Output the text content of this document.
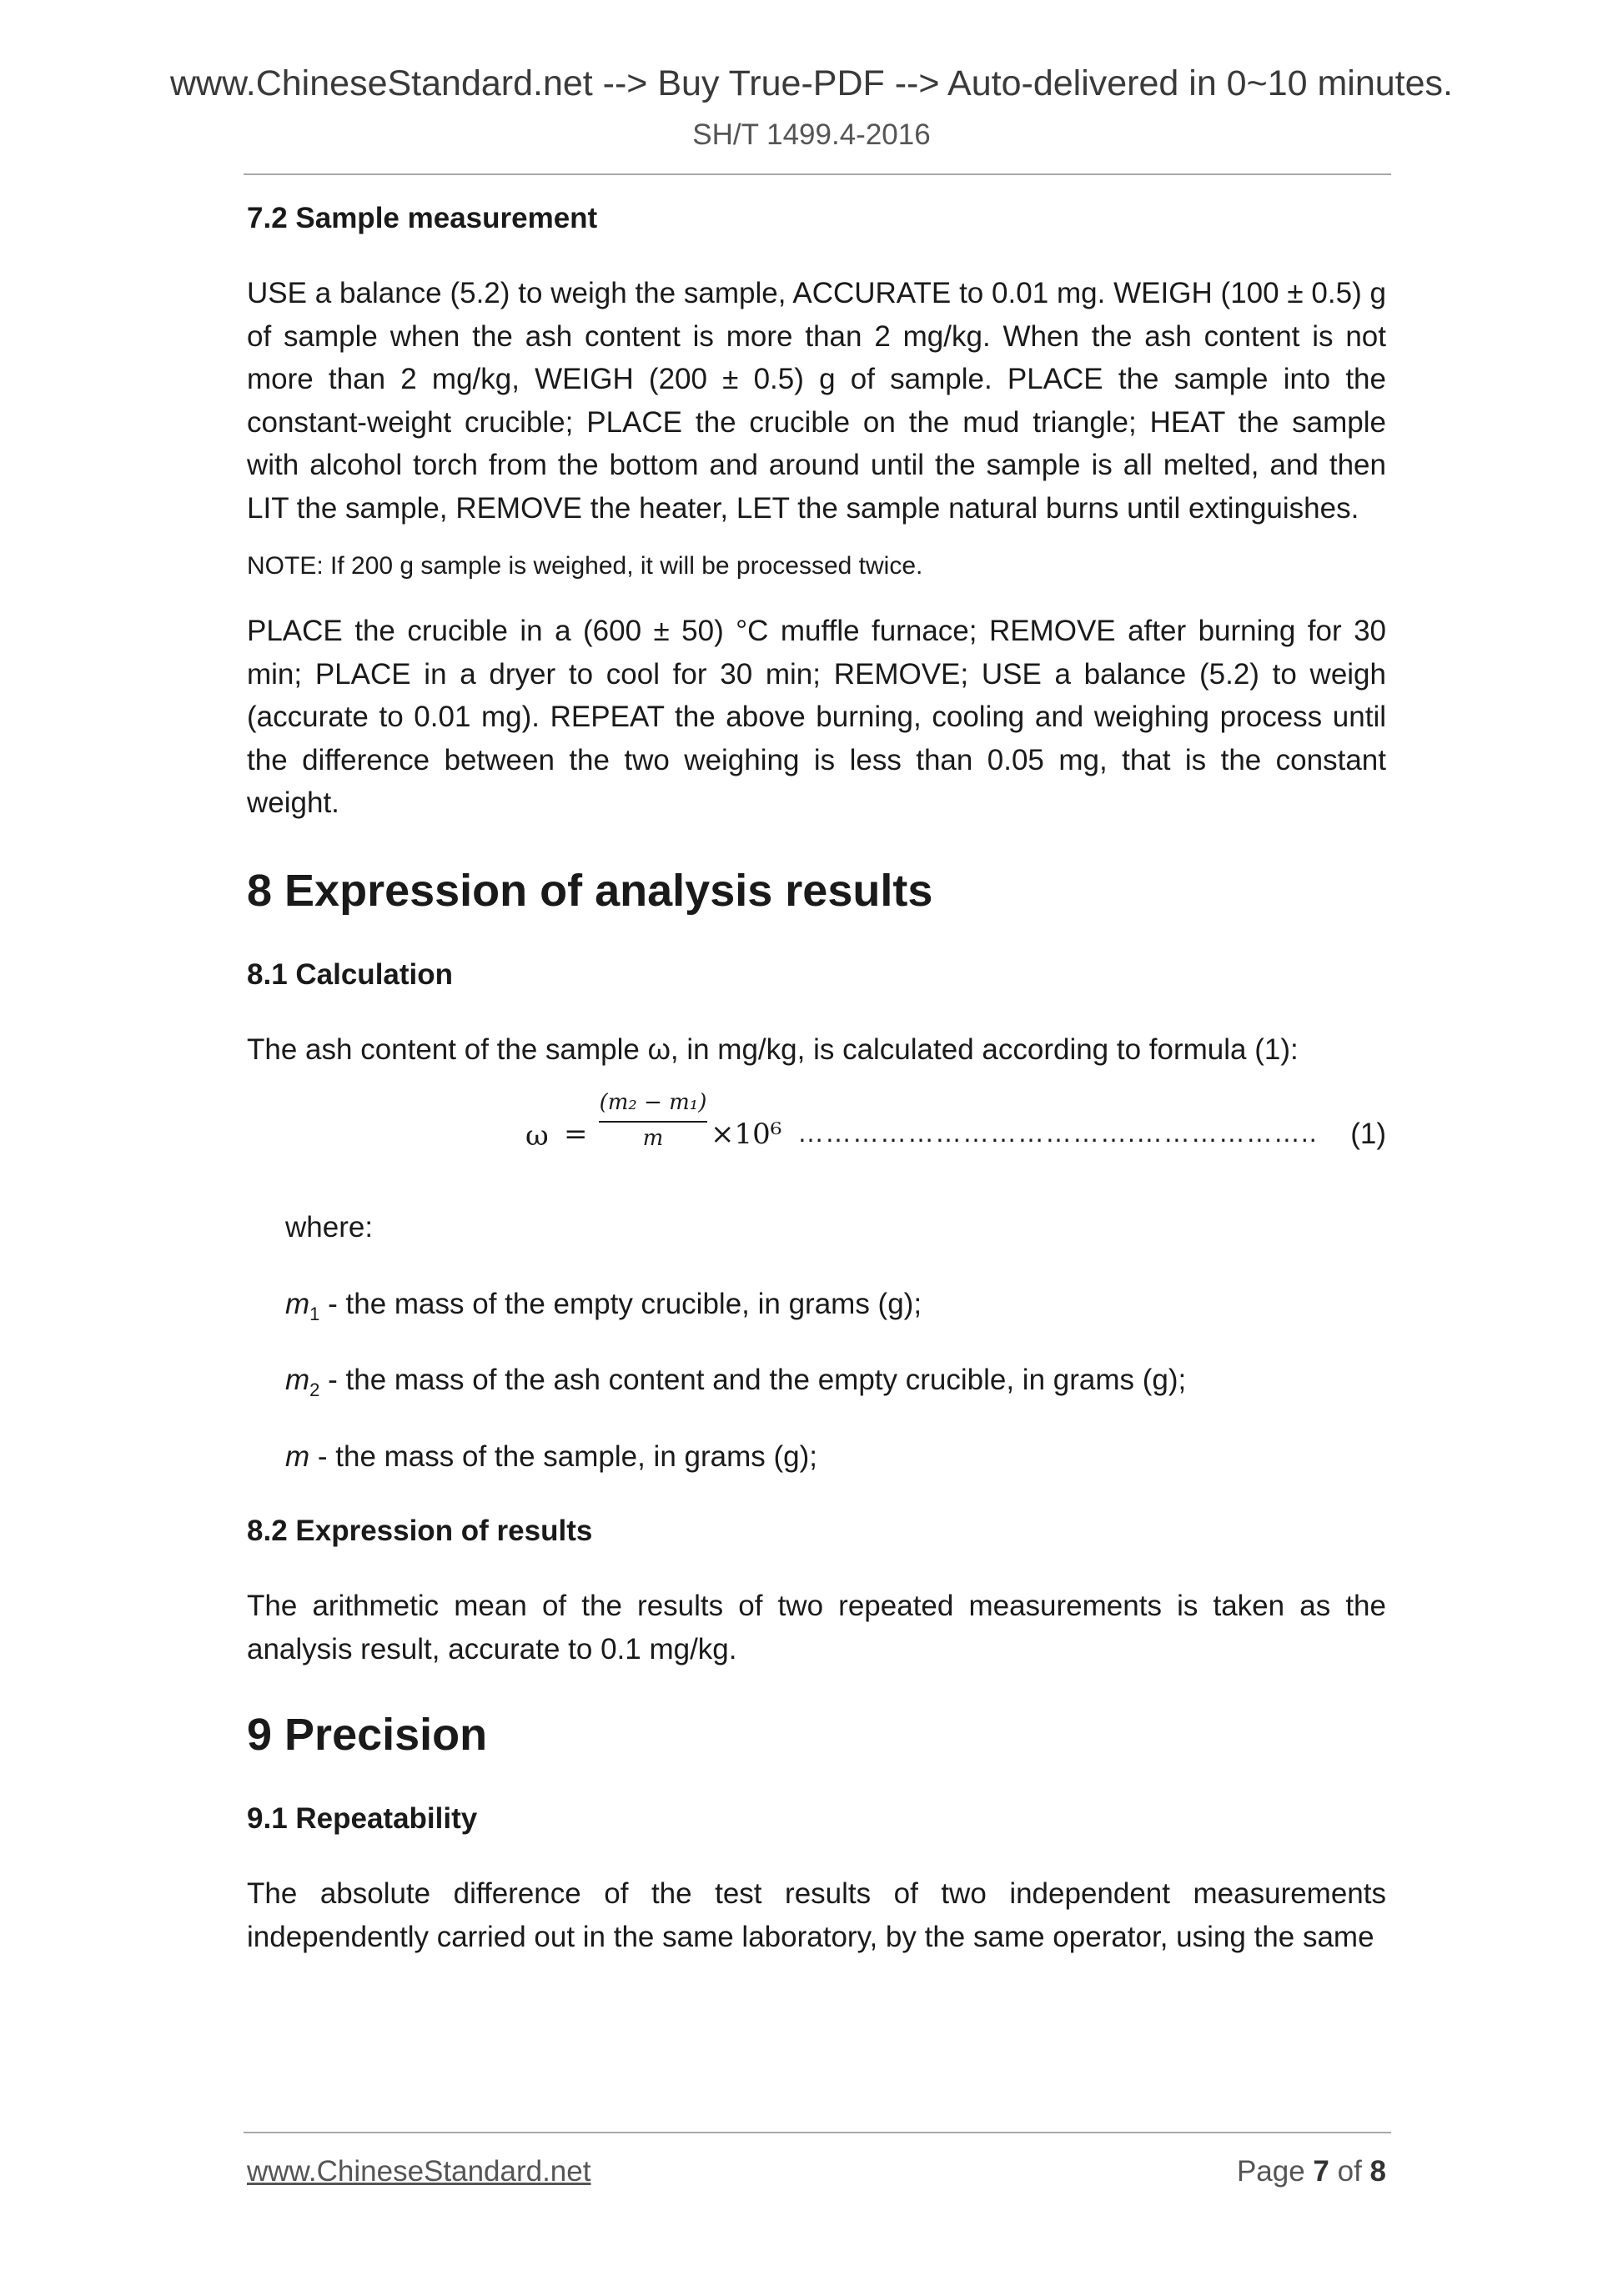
www.ChineseStandard.net --> Buy True-PDF --> Auto-delivered in 0~10 minutes.
SH/T 1499.4-2016
7.2 Sample measurement

USE a balance (5.2) to weigh the sample, ACCURATE to 0.01 mg. WEIGH (100 ± 0.5) g of sample when the ash content is more than 2 mg/kg. When the ash content is not more than 2 mg/kg, WEIGH (200 ± 0.5) g of sample. PLACE the sample into the constant-weight crucible; PLACE the crucible on the mud triangle; HEAT the sample with alcohol torch from the bottom and around until the sample is all melted, and then LIT the sample, REMOVE the heater, LET the sample natural burns until extinguishes.

NOTE: If 200 g sample is weighed, it will be processed twice.

PLACE the crucible in a (600 ± 50) °C muffle furnace; REMOVE after burning for 30 min; PLACE in a dryer to cool for 30 min; REMOVE; USE a balance (5.2) to weigh (accurate to 0.01 mg). REPEAT the above burning, cooling and weighing process until the difference between the two weighing is less than 0.05 mg, that is the constant weight.

8 Expression of analysis results
8.1 Calculation

The ash content of the sample ω, in mg/kg, is calculated according to formula (1):

$\omega = \frac{\text{(m₂ − m₁)}}{m} \times 10^6$ ……………………………….……………….. (1)

where:

$m_1$ - the mass of the empty crucible, in grams (g);

$m_2$ - the mass of the ash content and the empty crucible, in grams (g);

m - the mass of the sample, in grams (g);

8.2 Expression of results

The arithmetic mean of the results of two repeated measurements is taken as the analysis result, accurate to 0.1 mg/kg.

9 Precision
9.1 Repeatability

The absolute difference of the test results of two independent measurements independently carried out in the same laboratory, by the same operator, using the same

www.ChineseStandard.net	Page 7 of 8
